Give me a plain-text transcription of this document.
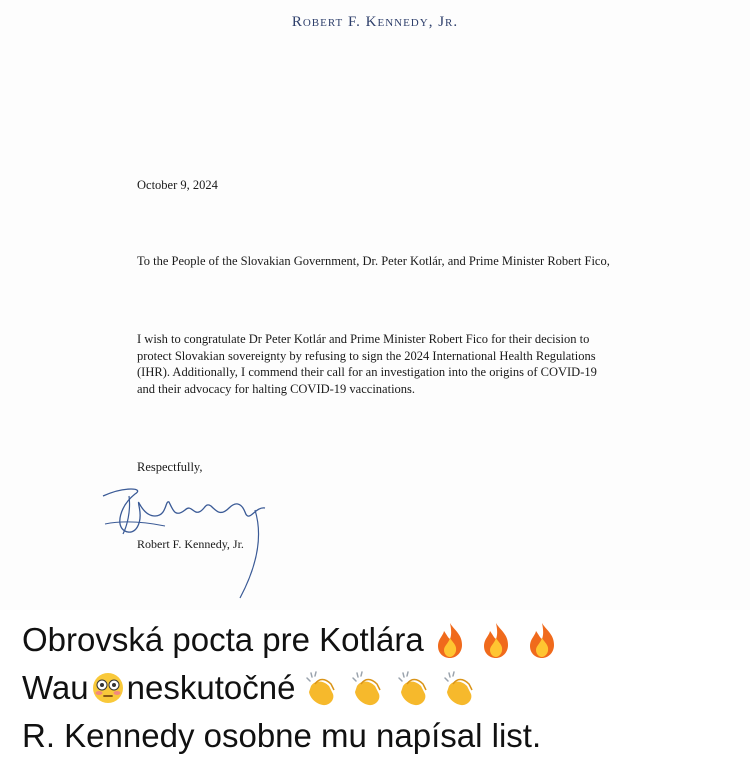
Robert F. Kennedy, Jr.
October 9, 2024
To the People of the Slovakian Government, Dr. Peter Kotlár, and Prime Minister Robert Fico,
I wish to congratulate Dr Peter Kotlár and Prime Minister Robert Fico for their decision to protect Slovakian sovereignty by refusing to sign the 2024 International Health Regulations (IHR). Additionally, I commend their call for an investigation into the origins of COVID-19 and their advocacy for halting COVID-19 vaccinations.
Respectfully,
Robert F. Kennedy, Jr.
Obrovská pocta pre Kotlára
Wau neskutočné
R. Kennedy osobne mu napísal list.
